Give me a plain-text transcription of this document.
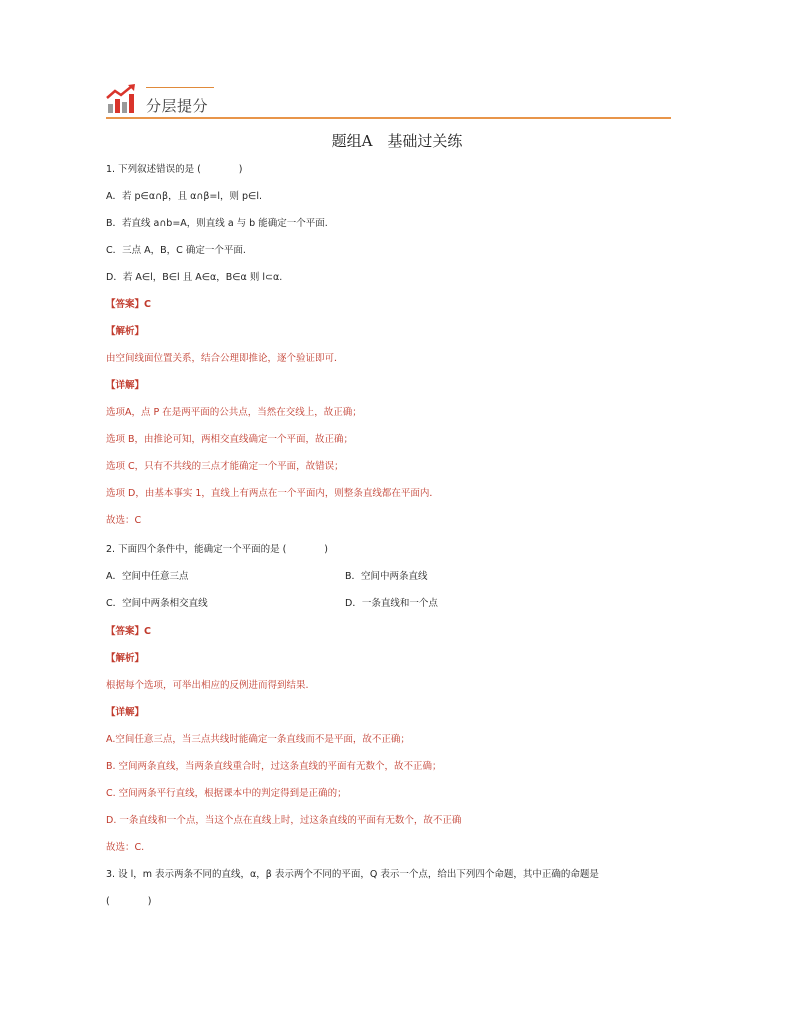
分层提分
题组A　基础过关练
1. 下列叙述错误的是 (　　　　)
A．若 p∈α∩β，且 α∩β=l，则 p∈l.
B．若直线 a∩b=A，则直线 a 与 b 能确定一个平面.
C．三点 A，B，C 确定一个平面.
D．若 A∈l，B∈l 且 A∈α，B∈α 则 l⊂α.
【答案】C
【解析】
由空间线面位置关系，结合公理即推论，逐个验证即可．
【详解】
选项A，点 P 在是两平面的公共点，当然在交线上，故正确；
选项 B，由推论可知，两相交直线确定一个平面，故正确；
选项 C，只有不共线的三点才能确定一个平面，故错误；
选项 D，由基本事实 1，直线上有两点在一个平面内，则整条直线都在平面内．
故选：C
2. 下面四个条件中，能确定一个平面的是 (　　　　)
A．空间中任意三点	B．空间中两条直线
C．空间中两条相交直线	D．一条直线和一个点
【答案】C
【解析】
根据每个选项，可举出相应的反例进而得到结果.
【详解】
A.空间任意三点，当三点共线时能确定一条直线而不是平面，故不正确；
B. 空间两条直线，当两条直线重合时，过这条直线的平面有无数个，故不正确；
C. 空间两条平行直线，根据课本中的判定得到是正确的；
D. 一条直线和一个点，当这个点在直线上时，过这条直线的平面有无数个，故不正确
故选：C.
3. 设 l，m 表示两条不同的直线，α，β 表示两个不同的平面，Q 表示一个点，给出下列四个命题，其中正确的命题是
(　　　　)
